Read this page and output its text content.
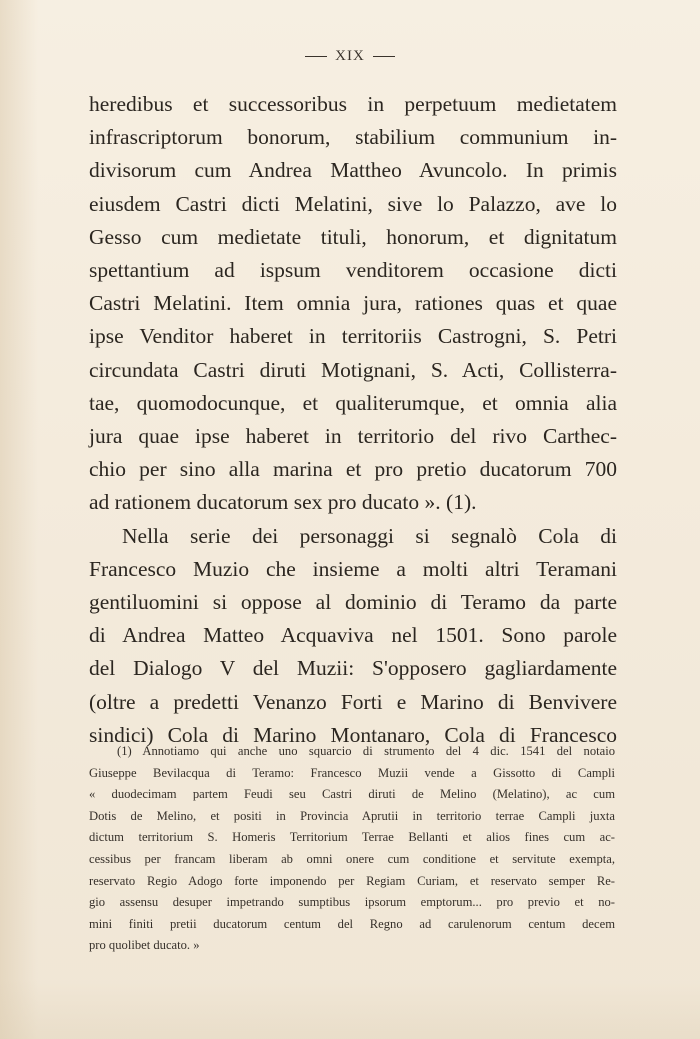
XIX
heredibus et successoribus in perpetuum medietatem
infrascriptorum bonorum, stabilium communium in-
divisorum cum Andrea Mattheo Avuncolo. In primis
eiusdem Castri dicti Melatini, sive lo Palazzo, ave lo
Gesso cum medietate tituli, honorum, et dignitatum
spettantium ad ispsum venditorem occasione dicti
Castri Melatini. Item omnia jura, rationes quas et quae
ipse Venditor haberet in territoriis Castrogni, S. Petri
circundata Castri diruti Motignani, S. Acti, Collisterra-
tae, quomodocunque, et qualiterumque, et omnia alia
jura quae ipse haberet in territorio del rivo Carthec-
chio per sino alla marina et pro pretio ducatorum 700
ad rationem ducatorum sex pro ducato ». (1).
Nella serie dei personaggi si segnalò Cola di
Francesco Muzio che insieme a molti altri Teramani
gentiluomini si oppose al dominio di Teramo da parte
di Andrea Matteo Acquaviva nel 1501. Sono parole
del Dialogo V del Muzii: S'opposero gagliardamente
(oltre a predetti Venanzo Forti e Marino di Benvivere
sindici) Cola di Marino Montanaro, Cola di Francesco
(1) Annotiamo qui anche uno squarcio di strumento del 4 dic. 1541 del notaio
Giuseppe Bevilacqua di Teramo: Francesco Muzii vende a Gissotto di Campli
« duodecimam partem Feudi seu Castri diruti de Melino (Melatino), ac cum
Dotis de Melino, et positi in Provincia Aprutii in territorio terrae Campli juxta
dictum territorium S. Homeris Territorium Terrae Bellanti et alios fines cum ac-
cessibus per francam liberam ab omni onere cum conditione et servitute exempta,
reservato Regio Adogo forte imponendo per Regiam Curiam, et reservato semper Re-
gio assensu desuper impetrando sumptibus ipsorum emptorum... pro previo et no-
mini finiti pretii ducatorum centum del Regno ad carulenorum centum decem
pro quolibet ducato. »
